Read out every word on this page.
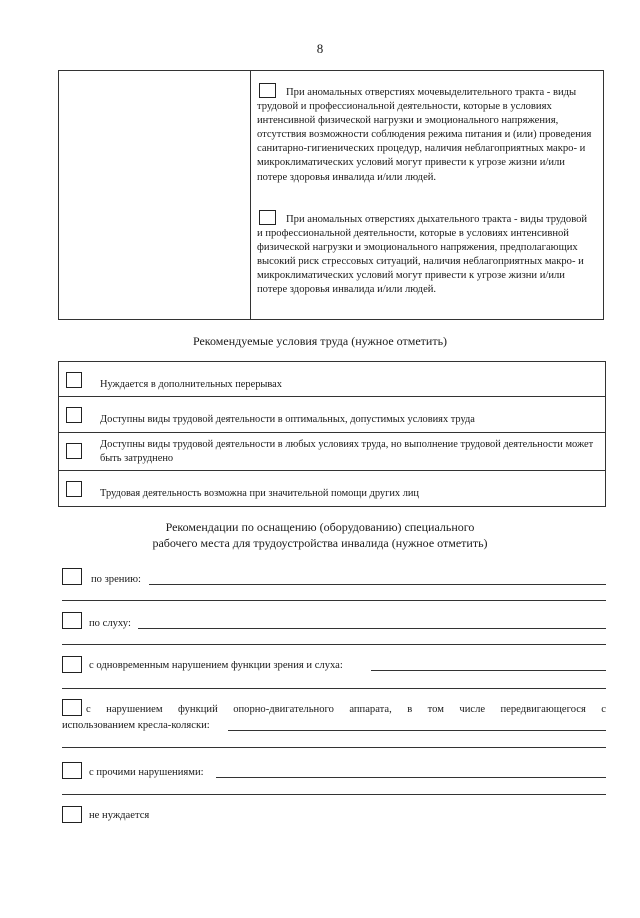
8
При аномальных отверстиях мочевыделительного тракта - виды трудовой и профессиональной деятельности, которые в условиях интенсивной физической нагрузки и эмоционального напряжения, отсутствия возможности соблюдения режима питания и (или) проведения санитарно-гигиенических процедур, наличия неблагоприятных макро- и микроклиматических условий могут привести к угрозе жизни и/или потере здоровья инвалида и/или людей.
При аномальных отверстиях дыхательного тракта - виды трудовой и профессиональной деятельности, которые в условиях интенсивной физической нагрузки и эмоционального напряжения, предполагающих высокий риск стрессовых ситуаций, наличия неблагоприятных макро- и микроклиматических условий могут привести к угрозе жизни и/или потере здоровья инвалида и/или людей.
Рекомендуемые условия труда (нужное отметить)
Нуждается в дополнительных перерывах
Доступны виды трудовой деятельности в оптимальных, допустимых условиях труда
Доступны виды трудовой деятельности в любых условиях труда, но выполнение трудовой деятельности может быть затруднено
Трудовая деятельность возможна при значительной помощи других лиц
Рекомендации по оснащению (оборудованию) специального
рабочего места для трудоустройства инвалида (нужное отметить)
по зрению:
по слуху:
с одновременным нарушением функции зрения и слуха:
с нарушением функций опорно-двигательного аппарата, в том числе передвигающегося с
использованием кресла-коляски:
с прочими нарушениями:
не нуждается
